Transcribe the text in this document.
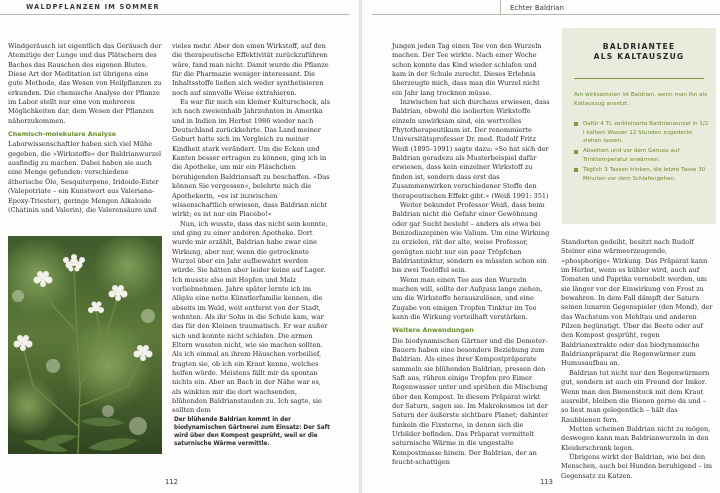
WALDPFLANZEN IM SOMMER	Echter Baldrian

Windgeräusch ist eigentlich das Geräusch der Atemzüge der Lunge und das Plätschern des Baches das Rauschen des eigenen Blutes. Diese Art der Meditation ist übrigens eine gute Methode, das Wesen von Heilpflanzen zu erkunden. Die chemische Analyse der Pflanze im Labor stellt nur eine von mehreren Möglichkeiten dar, dem Wesen der Pflanzen näherzukommen.

Chemisch-molekulare Analyse

Laborwissenschaftler haben sich viel Mühe gegeben, die »Wirkstoffe« der Baldrianwurzel ausfindig zu machen. Dabei haben sie auch eine Menge gefunden: verschiedene ätherische Öle, Sesquiterpene, Iridoide-Ester (Valepotriate – ein Kunstwort aus Valeriana-Epoxy-Triester), geringe Mengen Alkaloide (Chatinin und Valerin), die Valerensäure und

vieles mehr. Aber den einen Wirkstoff, auf den die therapeutische Effektivität zurückzuführen wäre, fand man nicht. Damit wurde die Pflanze für die Pharmazie weniger interessant. Die Inhaltsstoffe ließen sich weder synthetisieren noch auf sinnvolle Weise extrahieren.

Es war für mich ein kleiner Kulturschock, als ich nach zweieinhalb Jahrzehnten in Amerika und in Indien im Herbst 1986 wieder nach Deutschland zurückkehrte. Das Land meiner Geburt hatte sich im Vergleich zu meiner Kindheit stark verändert. Um die Ecken und Kanten besser ertragen zu können, ging ich in die Apotheke, um mir ein Fläschchen beruhigenden Baldriansaft zu beschaffen. »Das können Sie vergessen«, belehrte mich die Apothekerin, »es ist inzwischen wissenschaftlich erwiesen, dass Baldrian nicht wirkt; es ist nur ein Placebo!«

Nun, ich wusste, dass das nicht sein konnte, und ging zu einer anderen Apotheke. Dort wurde mir erzählt, Baldrian habe zwar eine Wirkung, aber nur, wenn die getrocknete Wurzel über ein Jahr aufbewahrt werden würde. Sie hätten aber leider keine auf Lager. Ich musste also mit Hopfen und Malz vorliebnehmen. Jahre später lernte ich im Allgäu eine nette Künstlerfamilie kennen, die abseits im Wald, weit entfernt von der Stadt, wohnten. Als ihr Sohn in die Schule kam, war das für den Kleinen traumatisch. Er war außer sich und konnte nicht schlafen. Die armen Eltern wussten nicht, wie sie machen sollten. Als ich einmal an ihrem Häuschen vorbeilief, fragten sie, ob ich ein Kraut kenne, welches helfen würde. Meistens fällt mir da spontan nichts ein. Aber an Bach in der Nähe war es, als winkten mir die dort wachsenden, blühenden Baldrianstauden zu. Ich sagte, sie sollten dem

Der blühende Baldrian kommt in der biodynamischen Gärtnerei zum Einsatz: Der Saft wird über den Kompost gesprüht, weil er die saturnische Wärme vermittle.
112

Jungen jeden Tag einen Tee von den Wurzeln machen. Der Tee wirkte. Nach einer Woche schon konnte das Kind wieder schlafen und kam in der Schule zurecht. Dieses Erlebnis überzeugte mich, dass man die Wurzel nicht ein Jahr lang trocknen müsse.

Inzwischen hat sich durchaus erwiesen, dass Baldrian, obwohl die isolierten Wirkstoffe einzeln unwirksam sind, ein wertvolles Phytotherapeutikum ist. Der renommierte Universitätsprofessor Dr. med. Rudolf Fritz Weiß (1895–1991) sagte dazu: »So hat sich der Baldrian geradezu als Musterbeispiel dafür erwiesen, dass kein einzelner Wirkstoff zu finden ist, sondern dass erst das Zusammenwirken verschiedener Stoffe den therapeutischen Effekt gibt.« (Weiß 1991: 351)

Weiter bekundet Professor Weiß, dass beim Baldrian nicht die Gefahr einer Gewöhnung oder gar Sucht besteht – anders als etwa bei Benzodiazepinen wie Valium. Um eine Wirkung zu erzielen, rät der alte, weise Professor, genügten nicht nur ein paar Tröpfchen Baldriantinktur, sondern es müssten schon ein bis zwei Teelöffel sein.

Wenn man einen Tee aus den Wurzeln machen will, sollte der Aufguss lange ziehen, um die Wirkstoffe herauszulösen, und eine Zugabe von einigen Tropfen Tinktur im Tee kann die Wirkung vorteilhaft verstärken.

Weitere Anwendungen

Die biodynamischen Gärtner und die Demeter-Bauern haben eine besondere Beziehung zum Baldrian. Als eines ihrer Kompostpräparate sammeln sie blühenden Baldrian, pressen den Saft aus, rühren einige Tropfen pro Eimer Regenwasser unter und sprühen die Mischung über den Kompost. In diesem Präparat wirkt der Saturn, sagen sie. Im Makrokosmos ist der Saturn der äußerste sichtbare Planet; dahinter funkeln die Fixsterne, in denen sich die Urbilder befinden. Das Präparat vermittelt saturnische Wärme in die ungestalte Kompostmasse hinein. Der Baldrian, der an feucht-schattigen

BALDRIANTEE
ALS KALTAUSZUG
Am wirksamsten ist Baldrian, wenn man ihn als Kaltauszug ansetzt.
Dafür 4 TL zerkleinerte Baldrianwurzel in 1/2 l kaltem Wasser 12 Stunden zugedeckt ziehen lassen.
Abseihen und vor dem Genuss auf Trinktemperatur erwärmen.
Täglich 3 Tassen trinken, die letzte Tasse 30 Minuten vor dem Schlafengehen.

Standorten gedeiht, besitzt nach Rudolf Steiner eine wärmeerzeugende, »phosphorige« Wirkung. Das Präparat kann im Herbst, wenn es kühler wird, auch auf Tomaten und Paprika vernebelt werden, um sie länger vor der Einwirkung von Frost zu bewahren. In dem Fall dämpft der Saturn seinen lunaren Gegenspieler (den Mond), der das Wachstum von Mehltau und anderen Pilzen begünstigt. Über die Beete oder auf den Kompost gesprüht, regen Baldrianextrakte oder das biodynamische Baldrianpräparat die Regenwürmer zum Humusaufbau an.

Baldrian tut nicht nur den Regenwürmern gut, sondern ist auch ein Freund der Imker. Wenn man den Bienenstock mit dem Kraut ausreibt, bleiben die Bienen gerne da und – so liest man gelegentlich – hält das Raubbienen fern.

Motten scheinen Baldrian nicht zu mögen, deswegen kann man Baldrianwurzeln in den Kleiderschrank legen.

Übrigens wirkt der Baldrian, wie bei den Menschen, auch bei Hunden beruhigend – im Gegensatz zu Katzen.

113
